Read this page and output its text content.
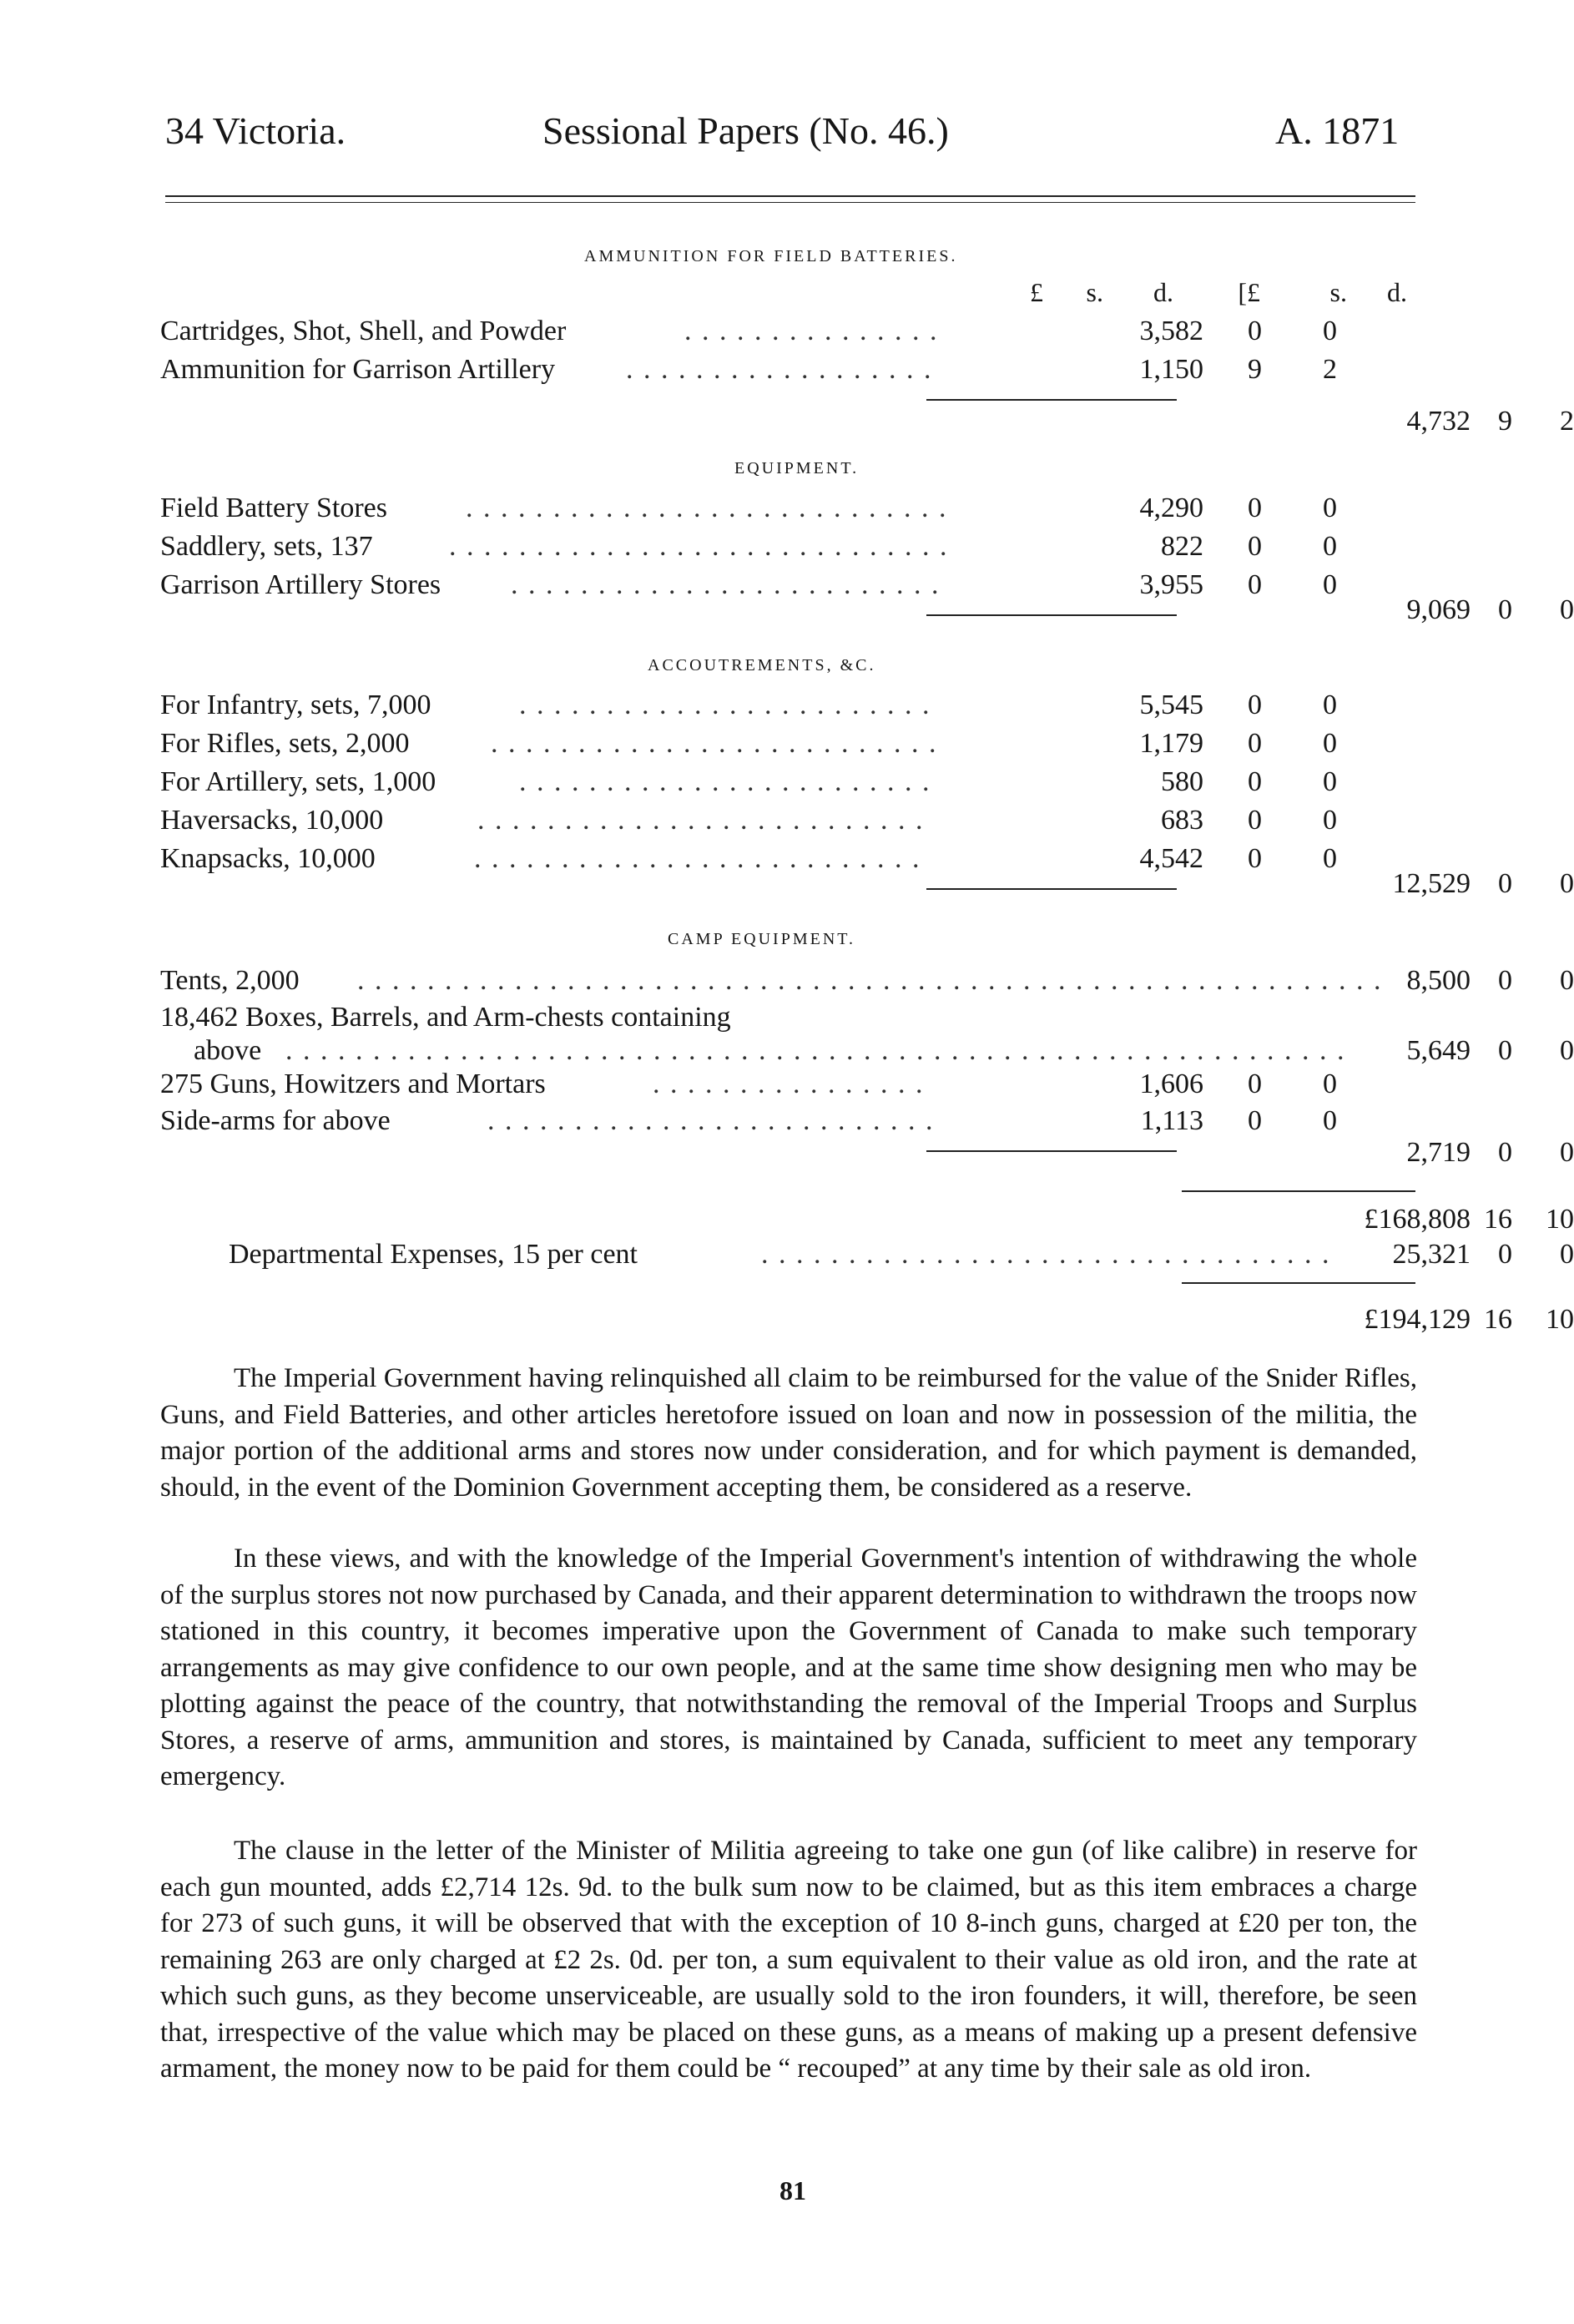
34 Victoria.	Sessional Papers (No. 46.)	A. 1871
AMMUNITION FOR FIELD BATTERIES.
£	s.	d.	[£	s.	d.
Cartridges, Shot, Shell, and Powder	. . . . . . . . . . . . . . .	3,582	0	0
Ammunition for Garrison Artillery . . . . . . . . . . . . . . . . . .	1,150	9	2
4,732 9	2
EQUIPMENT.
Field Battery Stores	. . . . . . . . . . . . . . . . . . . . . . . . . . . .	4,290	0	0
Saddlery, sets, 137	. . . . . . . . . . . . . . . . . . . . . . . . . . . . .	822	0	0
Garrison Artillery Stores . . . . . . . . . . . . . . . . . . . . . . . . .	3,955	0	0
9,069 0	0
ACCOUTREMENTS, &C.
For Infantry, sets, 7,000	. . . . . . . . . . . . . . . . . . . . . . . .	5,545	0	0
For Rifles, sets, 2,000	. . . . . . . . . . . . . . . . . . . . . . . . . .	1,179	0	0
For Artillery, sets, 1,000	. . . . . . . . . . . . . . . . . . . . . . . .	580	0	0
Haversacks, 10,000	. . . . . . . . . . . . . . . . . . . . . . . . . .	683	0	0
Knapsacks, 10,000	. . . . . . . . . . . . . . . . . . . . . . . . . .	4,542	0	0
12,529 0	0
CAMP EQUIPMENT.
Tents, 2,000 . . . . . . . . . . . . . . . . . . . . . . . . . . . . . . . . . . . . . . . . . . . . . . . . . . . . . . . . . . . 8,500 0	0
18,462 Boxes, Barrels, and Arm-chests containing
above . . . . . . . . . . . . . . . . . . . . . . . . . . . . . . . . . . . . . . . . . . . . . . . . . . . . . . . . . . . . .	5,649 0	0
275 Guns, Howitzers and Mortars	. . . . . . . . . . . . . . . .	1,606	0	0
Side-arms for above	. . . . . . . . . . . . . . . . . . . . . . . . . .	1,113	0	0
2,719 0	0
£168,808 16	10
Departmental Expenses, 15 per cent	. . . . . . . . . . . . . . . . . . . . . . . . . . . . . . . . .	25,321 0	0
£194,129 16	10

The Imperial Government having relinquished all claim to be reimbursed for the value of the Snider Rifles, Guns, and Field Batteries, and other articles heretofore issued on loan and now in possession of the militia, the major portion of the additional arms and stores now under consideration, and for which payment is demanded, should, in the event of the Dominion Government accepting them, be considered as a reserve.

In these views, and with the knowledge of the Imperial Government's intention of withdrawing the whole of the surplus stores not now purchased by Canada, and their apparent determination to withdrawn the troops now stationed in this country, it becomes imperative upon the Government of Canada to make such temporary arrangements as may give confidence to our own people, and at the same time show designing men who may be plotting against the peace of the country, that notwithstanding the removal of the Imperial Troops and Surplus Stores, a reserve of arms, ammunition and stores, is maintained by Canada, sufficient to meet any temporary emergency.

The clause in the letter of the Minister of Militia agreeing to take one gun (of like calibre) in reserve for each gun mounted, adds £2,714 12s. 9d. to the bulk sum now to be claimed, but as this item embraces a charge for 273 of such guns, it will be observed that with the exception of 10 8-inch guns, charged at £20 per ton, the remaining 263 are only charged at £2 2s. 0d. per ton, a sum equivalent to their value as old iron, and the rate at which such guns, as they become unserviceable, are usually sold to the iron founders, it will, therefore, be seen that, irrespective of the value which may be placed on these guns, as a means of making up a present defensive armament, the money now to be paid for them could be “ recouped” at any time by their sale as old iron.

81
